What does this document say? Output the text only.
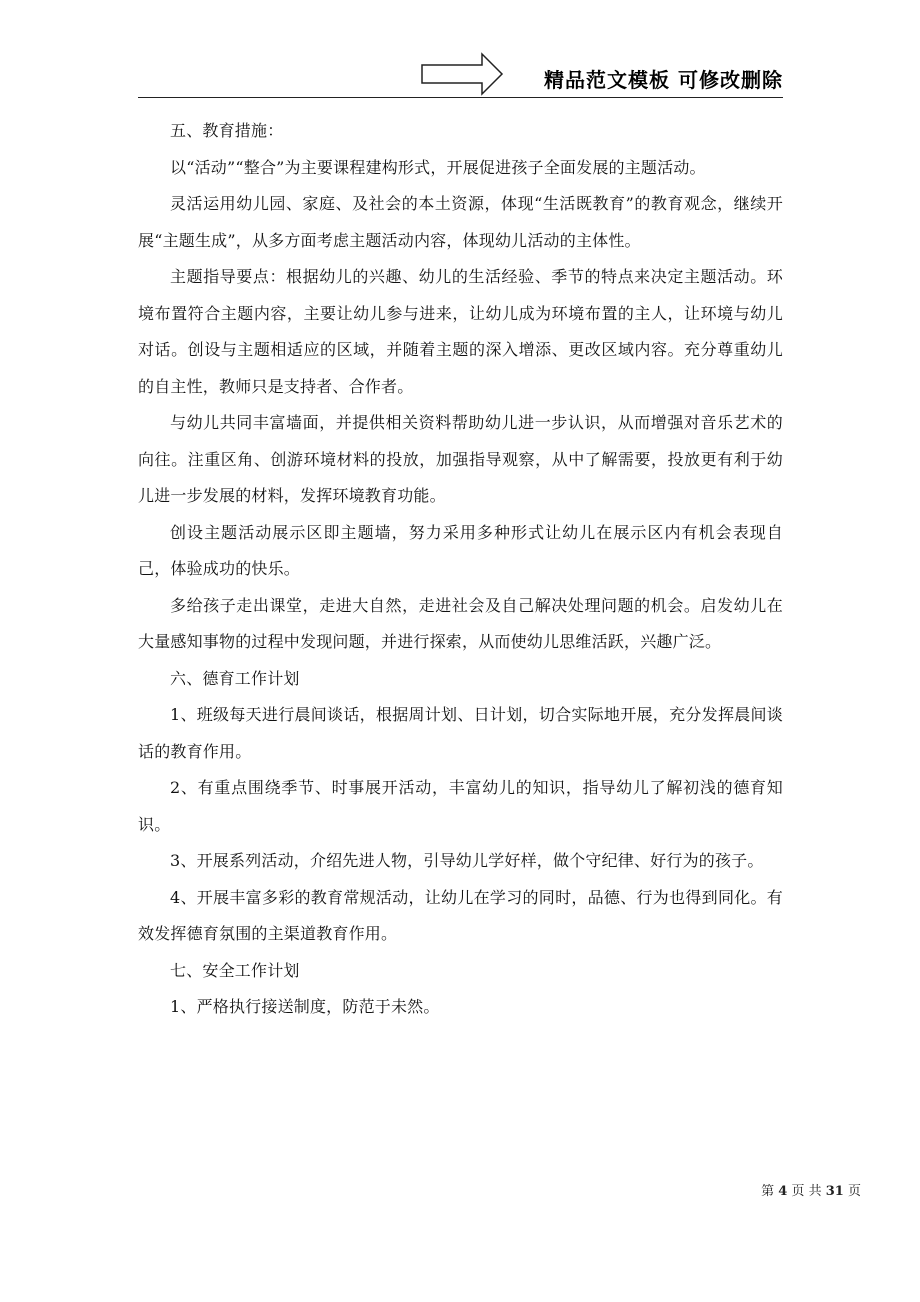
精品范文模板 可修改删除

五、教育措施：

以“活动”“整合”为主要课程建构形式，开展促进孩子全面发展的主题活动。

灵活运用幼儿园、家庭、及社会的本土资源，体现“生活既教育”的教育观念，继续开展“主题生成”，从多方面考虑主题活动内容，体现幼儿活动的主体性。

主题指导要点：根据幼儿的兴趣、幼儿的生活经验、季节的特点来决定主题活动。环境布置符合主题内容，主要让幼儿参与进来，让幼儿成为环境布置的主人，让环境与幼儿对话。创设与主题相适应的区域，并随着主题的深入增添、更改区域内容。充分尊重幼儿的自主性，教师只是支持者、合作者。

与幼儿共同丰富墙面，并提供相关资料帮助幼儿进一步认识，从而增强对音乐艺术的向往。注重区角、创游环境材料的投放，加强指导观察，从中了解需要，投放更有利于幼儿进一步发展的材料，发挥环境教育功能。

创设主题活动展示区即主题墙，努力采用多种形式让幼儿在展示区内有机会表现自己，体验成功的快乐。

多给孩子走出课堂，走进大自然，走进社会及自己解决处理问题的机会。启发幼儿在大量感知事物的过程中发现问题，并进行探索，从而使幼儿思维活跃，兴趣广泛。

六、德育工作计划

1、班级每天进行晨间谈话，根据周计划、日计划，切合实际地开展，充分发挥晨间谈话的教育作用。

2、有重点围绕季节、时事展开活动，丰富幼儿的知识，指导幼儿了解初浅的德育知识。

3、开展系列活动，介绍先进人物，引导幼儿学好样，做个守纪律、好行为的孩子。

4、开展丰富多彩的教育常规活动，让幼儿在学习的同时，品德、行为也得到同化。有效发挥德育氛围的主渠道教育作用。

七、安全工作计划

1、严格执行接送制度，防范于未然。

第 4 页 共 31 页
